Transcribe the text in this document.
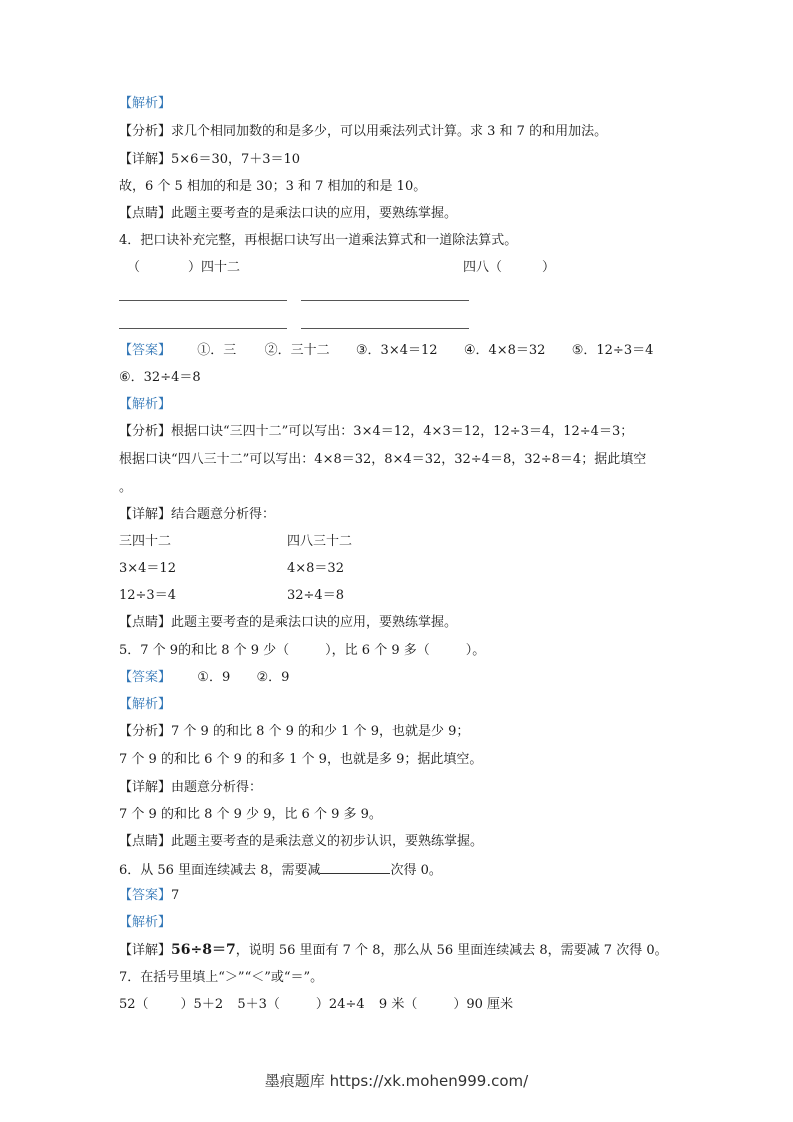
【解析】
【分析】求几个相同加数的和是多少，可以用乘法列式计算。求 3 和 7 的和用加法。
【详解】5×6＝30，7＋3＝10
故，6 个 5 相加的和是 30；3 和 7 相加的和是 10。
【点睛】此题主要考查的是乘法口诀的应用，要熟练掌握。
4．把口诀补充完整，再根据口诀写出一道乘法算式和一道除法算式。
（	）四十二	四八（	）
【答案】 ①．三 ②．三十二 ③．3×4＝12 ④．4×8＝32 ⑤．12÷3＝4
⑥．32÷4＝8
【解析】
【分析】根据口诀“三四十二”可以写出：3×4＝12，4×3＝12，12÷3＝4，12÷4＝3；
根据口诀“四八三十二”可以写出：4×8＝32，8×4＝32，32÷4＝8，32÷8＝4；据此填空
。
【详解】结合题意分析得：
三四十二	四八三十二
3×4＝12	4×8＝32
12÷3＝4	32÷4＝8
【点睛】此题主要考查的是乘法口诀的应用，要熟练掌握。
5．7 个 9的和比 8 个 9 少（	），比 6 个 9 多（	）。
【答案】 ①．9 ②．9
【解析】
【分析】7 个 9 的和比 8 个 9 的和少 1 个 9，也就是少 9；
7 个 9 的和比 6 个 9 的和多 1 个 9，也就是多 9；据此填空。
【详解】由题意分析得：
7 个 9 的和比 8 个 9 少 9，比 6 个 9 多 9。
【点睛】此题主要考查的是乘法意义的初步认识，要熟练掌握。
6．从 56 里面连续减去 8，需要减	次得 0。
【答案】7
【解析】
【详解】56÷8＝7，说明 56 里面有 7 个 8，那么从 56 里面连续减去 8，需要减 7 次得 0。
7．在括号里填上“＞”“＜”或“＝”。
52（ ）5＋2 5＋3（	）24÷4 9 米（	）90 厘米
墨痕题库 https://xk.mohen999.com/
